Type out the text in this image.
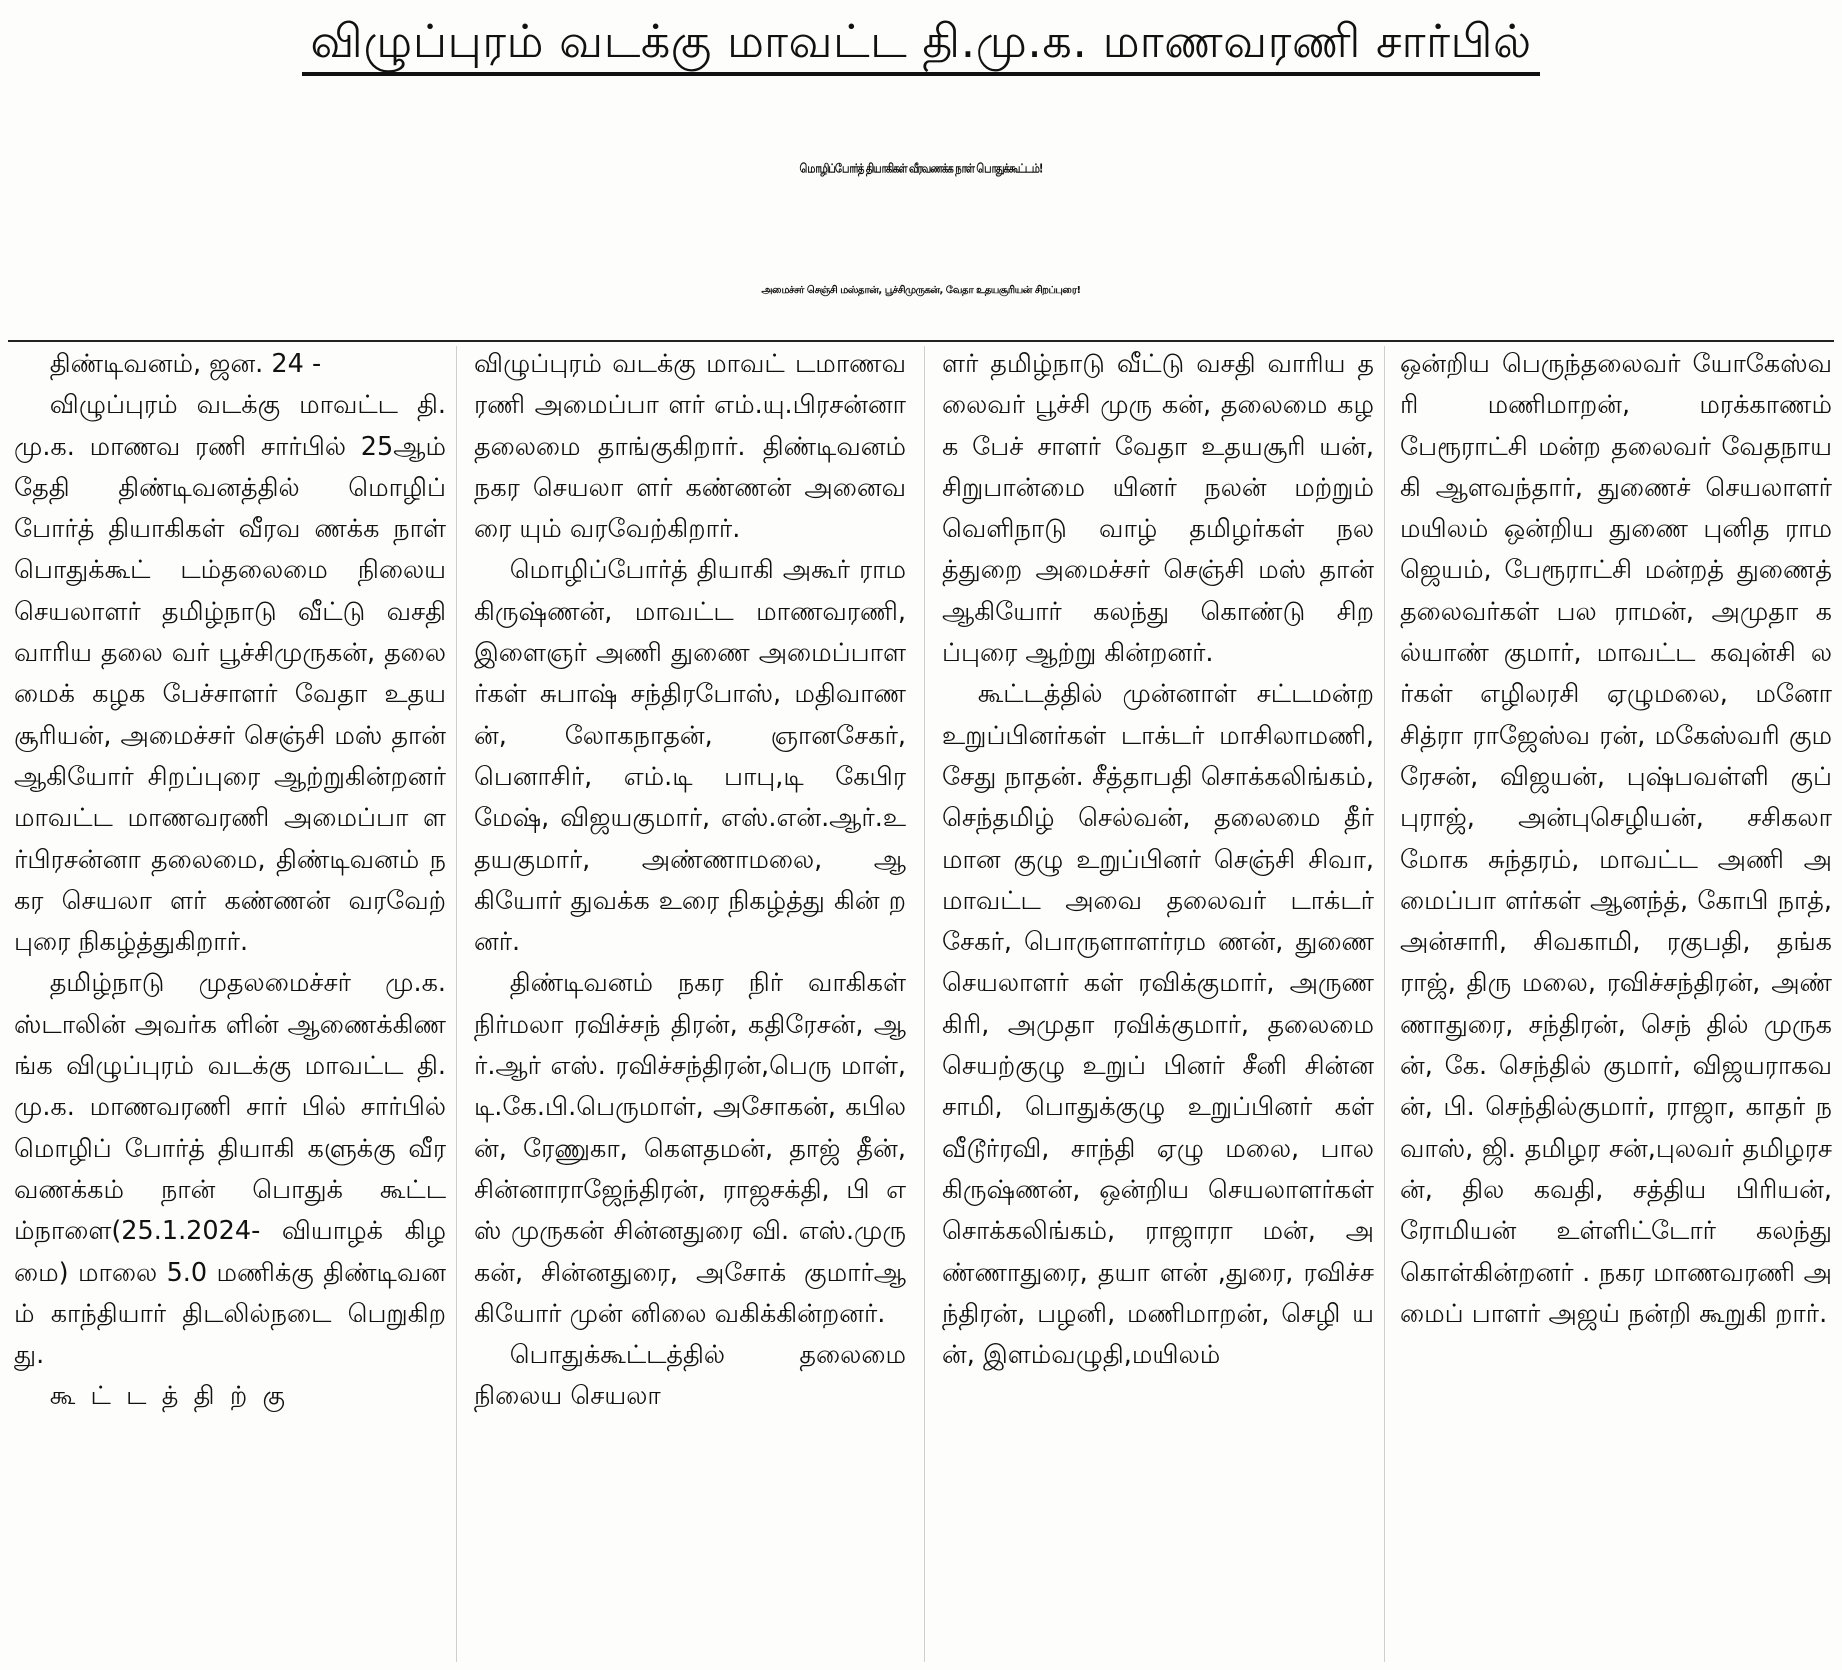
விழுப்புரம் வடக்கு மாவட்ட தி.மு.க. மாணவரணி சார்பில்
மொழிப்போர்த் தியாகிகள் வீரவணக்க நாள் பொதுக்கூட்டம்!
அமைச்சர் செஞ்சி மஸ்தான், பூச்சிமுருகன், வேதா உதயசூரியன் சிறப்புரை!

திண்டிவனம், ஜன. 24 -

விழுப்புரம் வடக்கு மாவட்ட தி.மு.க. மாணவ ரணி சார்பில் 25ஆம் தேதி திண்டிவனத்தில் மொழிப் போர்த் தியாகிகள் வீரவ ணக்க நாள் பொதுக்கூட் டம்தலைமை நிலைய செயலாளர் தமிழ்நாடு வீட்டு வசதி வாரிய தலை வர் பூச்சிமுருகன், தலை மைக் கழக பேச்சாளர் வேதா உதயசூரியன், அமைச்சர் செஞ்சி மஸ் தான் ஆகியோர் சிறப்புரை ஆற்றுகின்றனர் மாவட்ட மாணவரணி அமைப்பா ளர்பிரசன்னா தலைமை, திண்டிவனம் நகர செயலா ளர் கண்ணன் வரவேற் புரை நிகழ்த்துகிறார்.

தமிழ்நாடு முதலமைச்சர் மு.க.ஸ்டாலின் அவர்க ளின் ஆணைக்கிணங்க விழுப்புரம் வடக்கு மாவட்ட தி.மு.க. மாணவரணி சார் பில் சார்பில் மொழிப் போர்த் தியாகி களுக்கு வீர வணக்கம் நான் பொதுக் கூட்டம்நாளை(25.1.2024- வியாழக் கிழமை) மாலை 5.0 மணிக்கு திண்டிவனம் காந்தியார் திடலில்நடை பெறுகிறது.

கூட்டத்திற்கு

விழுப்புரம் வடக்கு மாவட் டமாணவரணி அமைப்பா ளர் எம்.யு.பிரசன்னா தலைமை தாங்குகிறார். திண்டிவனம் நகர செயலா ளர் கண்ணன் அனைவரை யும் வரவேற்கிறார்.

மொழிப்போர்த் தியாகி அகூர் ராமகிருஷ்ணன், மாவட்ட மாணவரணி, இளைஞர் அணி துணை அமைப்பாளர்கள் சுபாஷ் சந்திரபோஸ், மதிவாணன், லோகநாதன், ஞானசேகர், பெனாசிர், எம்.டி பாபு,டி கேபிரமேஷ், விஜயகுமார், எஸ்.என்.ஆர்.உதயகுமார், அண்ணாமலை, ஆகியோர் துவக்க உரை நிகழ்த்து கின் றனர்.

திண்டிவனம் நகர நிர் வாகிகள் நிர்மலா ரவிச்சந் திரன், கதிரேசன், ஆர்.ஆர் எஸ். ரவிச்சந்திரன்,பெரு மாள், டி.கே.பி.பெருமாள், அசோகன், கபிலன், ரேணுகா, கௌதமன், தாஜ் தீன், சின்னாராஜேந்திரன், ராஜசக்தி, பி எஸ் முருகன் சின்னதுரை வி. எஸ்.முரு கன், சின்னதுரை, அசோக் குமார்ஆகியோர் முன் னிலை வகிக்கின்றனர்.

பொதுக்கூட்டத்தில் தலைமை நிலைய செயலா

ளர் தமிழ்நாடு வீட்டு வசதி வாரிய தலைவர் பூச்சி முரு கன், தலைமை கழக பேச் சாளர் வேதா உதயசூரி யன், சிறுபான்மை யினர் நலன் மற்றும் வெளிநாடு வாழ் தமிழர்கள் நலத்துறை அமைச்சர் செஞ்சி மஸ் தான் ஆகியோர் கலந்து கொண்டு சிறப்புரை ஆற்று கின்றனர்.

கூட்டத்தில் முன்னாள் சட்டமன்ற உறுப்பினர்கள் டாக்டர் மாசிலாமணி, சேது நாதன். சீத்தாபதி சொக்கலிங்கம்,செந்தமிழ் செல்வன், தலைமை தீர் மான குழு உறுப்பினர் செஞ்சி சிவா, மாவட்ட அவை தலைவர் டாக்டர் சேகர், பொருளாளர்ரம ணன், துணை செயலாளர் கள் ரவிக்குமார், அருண கிரி, அமுதா ரவிக்குமார், தலைமை செயற்குழு உறுப் பினர் சீனி சின்னசாமி, பொதுக்குழு உறுப்பினர் கள் வீடூர்ரவி, சாந்தி ஏழு மலை, பாலகிருஷ்ணன், ஒன்றிய செயலாளர்கள் சொக்கலிங்கம், ராஜாரா மன், அண்ணாதுரை, தயா ளன் ,துரை, ரவிச்சந்திரன், பழனி, மணிமாறன், செழி யன், இளம்வழுதி,மயிலம்

ஒன்றிய பெருந்தலைவர் யோகேஸ்வரி மணிமாறன், மரக்காணம் பேரூராட்சி மன்ற தலைவர் வேதநாயகி ஆளவந்தார், துணைச் செயலாளர் மயிலம் ஒன்றிய துணை புனித ராமஜெயம், பேரூராட்சி மன்றத் துணைத் தலைவர்கள் பல ராமன், அமுதா கல்யாண் குமார், மாவட்ட கவுன்சி லர்கள் எழிலரசி ஏழுமலை, மனோ சித்ரா ராஜேஸ்வ ரன், மகேஸ்வரி குமரேசன், விஜயன், புஷ்பவள்ளி குப் புராஜ், அன்புசெழியன், சசிகலா மோக சுந்தரம், மாவட்ட அணி அமைப்பா ளர்கள் ஆனந்த், கோபி நாத், அன்சாரி, சிவகாமி, ரகுபதி, தங்கராஜ், திரு மலை, ரவிச்சந்திரன், அண் ணாதுரை, சந்திரன், செந் தில் முருகன், கே. செந்தில் குமார், விஜயராகவன், பி. செந்தில்குமார், ராஜா, காதர் நவாஸ், ஜி. தமிழர சன்,புலவர் தமிழரசன், தில கவதி, சத்திய பிரியன், ரோமியன் உள்ளிட்டோர் கலந்து கொள்கின்றனர் . நகர மாணவரணி அமைப் பாளர் அஜய் நன்றி கூறுகி றார்.
